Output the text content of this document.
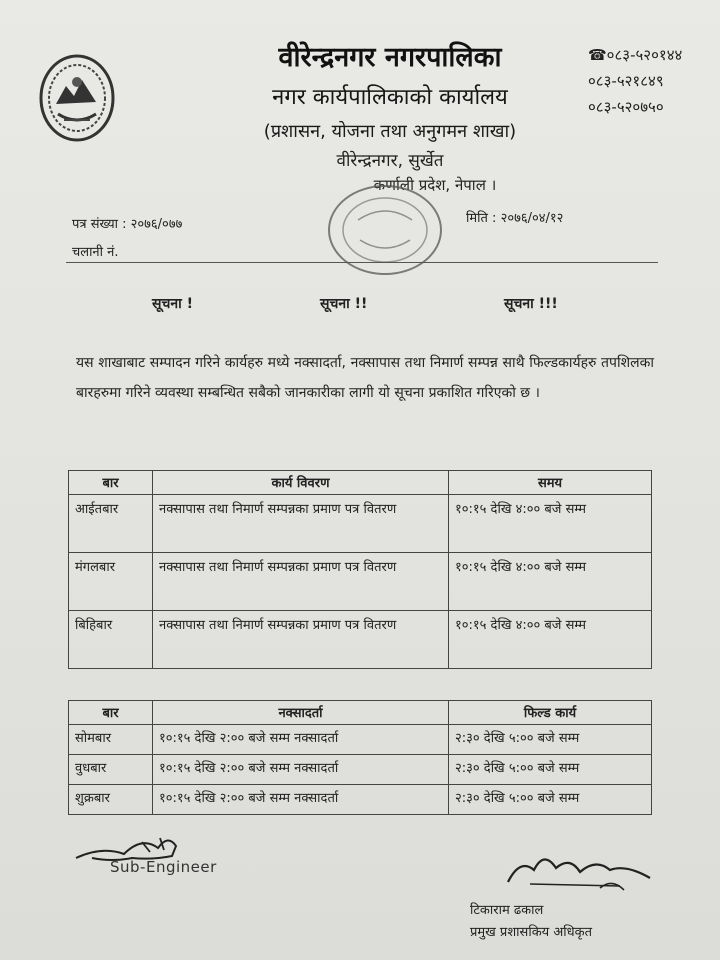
वीरेन्द्रनगर नगरपालिका
नगर कार्यपालिकाको कार्यालय
(प्रशासन, योजना तथा अनुगमन शाखा)
वीरेन्द्रनगर, सुर्खेत
कर्णाली प्रदेश, नेपाल ।
☎०८३-५२०१४४
०८३-५२१८४९
०८३-५२०७५०
पत्र संख्या : २०७६/०७७
चलानी नं.
मिति : २०७६/०४/१२
सूचना !	सूचना !!	सूचना !!!

यस शाखाबाट सम्पादन गरिने कार्यहरु मध्ये नक्सादर्ता, नक्सापास तथा निमार्ण सम्पन्न साथै फिल्डकार्यहरु तपशिलका बारहरुमा गरिने व्यवस्था सम्बन्धित सबैको जानकारीका लागी यो सूचना प्रकाशित गरिएको छ ।

बार	कार्य विवरण	समय
आईतबार	नक्सापास तथा निमार्ण सम्पन्नका प्रमाण पत्र वितरण	१०:१५ देखि ४:०० बजे सम्म
मंगलबार	नक्सापास तथा निमार्ण सम्पन्नका प्रमाण पत्र वितरण	१०:१५ देखि ४:०० बजे सम्म
बिहिबार	नक्सापास तथा निमार्ण सम्पन्नका प्रमाण पत्र वितरण	१०:१५ देखि ४:०० बजे सम्म
बार	नक्सादर्ता	फिल्ड कार्य
सोमबार	१०:१५ देखि २:०० बजे सम्म नक्सादर्ता	२:३० देखि ५:०० बजे सम्म
वुधबार	१०:१५ देखि २:०० बजे सम्म नक्सादर्ता	२:३० देखि ५:०० बजे सम्म
शुक्रबार	१०:१५ देखि २:०० बजे सम्म नक्सादर्ता	२:३० देखि ५:०० बजे सम्म
Sub-Engineer
टिकाराम ढकाल
प्रमुख प्रशासकिय अधिकृत
